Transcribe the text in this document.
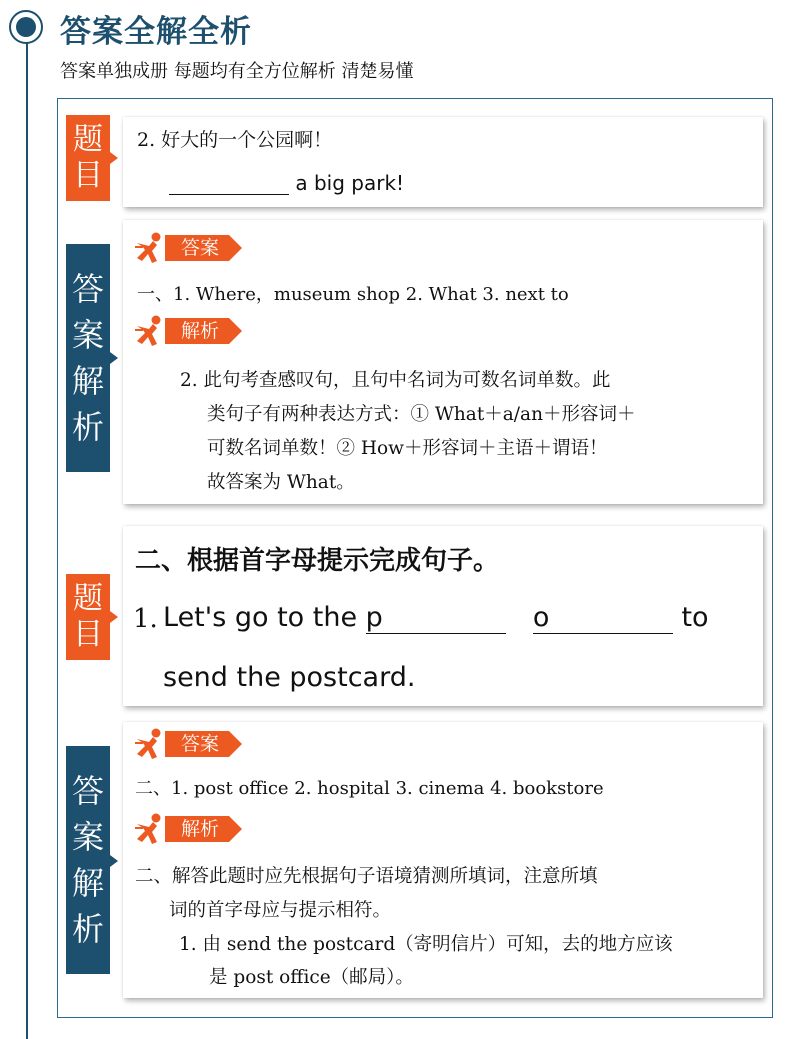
答案全解全析
答案单独成册 每题均有全方位解析 清楚易懂
题
目
2. 好大的一个公园啊！
a big park!
答
案
解
析
答案
一、1. Where，museum shop 2. What 3. next to
解析
2. 此句考查感叹句，且句中名词为可数名词单数。此
类句子有两种表达方式：① What＋a/an＋形容词＋
可数名词单数！② How＋形容词＋主语＋谓语！
故答案为 What。
题
目
二、根据首字母提示完成句子。
1. Let's go to the p	o	to
send the postcard.
答
案
解
析
答案
二、1. post office 2. hospital 3. cinema 4. bookstore
解析
二、解答此题时应先根据句子语境猜测所填词，注意所填
词的首字母应与提示相符。
1. 由 send the postcard（寄明信片）可知，去的地方应该
是 post office（邮局）。
